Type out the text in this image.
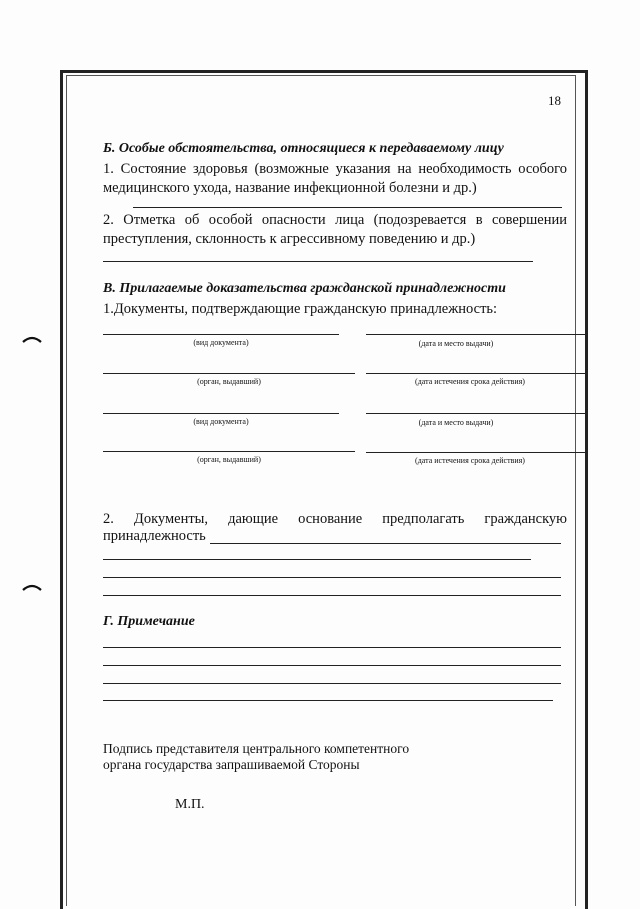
18
Б. Особые обстоятельства, относящиеся к передаваемому лицу
1. Состояние здоровья (возможные указания на необходимость особого медицинского ухода, название инфекционной болезни и др.)
2. Отметка об особой опасности лица (подозревается в совершении преступления, склонность к агрессивному поведению и др.)
В. Прилагаемые доказательства гражданской принадлежности
1.Документы, подтверждающие гражданскую принадлежность:
(вид документа)	(дата и место выдачи)
(орган, выдавший)	(дата истечения срока действия)
(вид документа)	(дата и место выдачи)
(орган, выдавший)	(дата истечения срока действия)
2. Документы, дающие основание предполагать гражданскую
принадлежность
Г. Примечание
Подпись представителя центрального компетентного
органа государства запрашиваемой Стороны
М.П.
